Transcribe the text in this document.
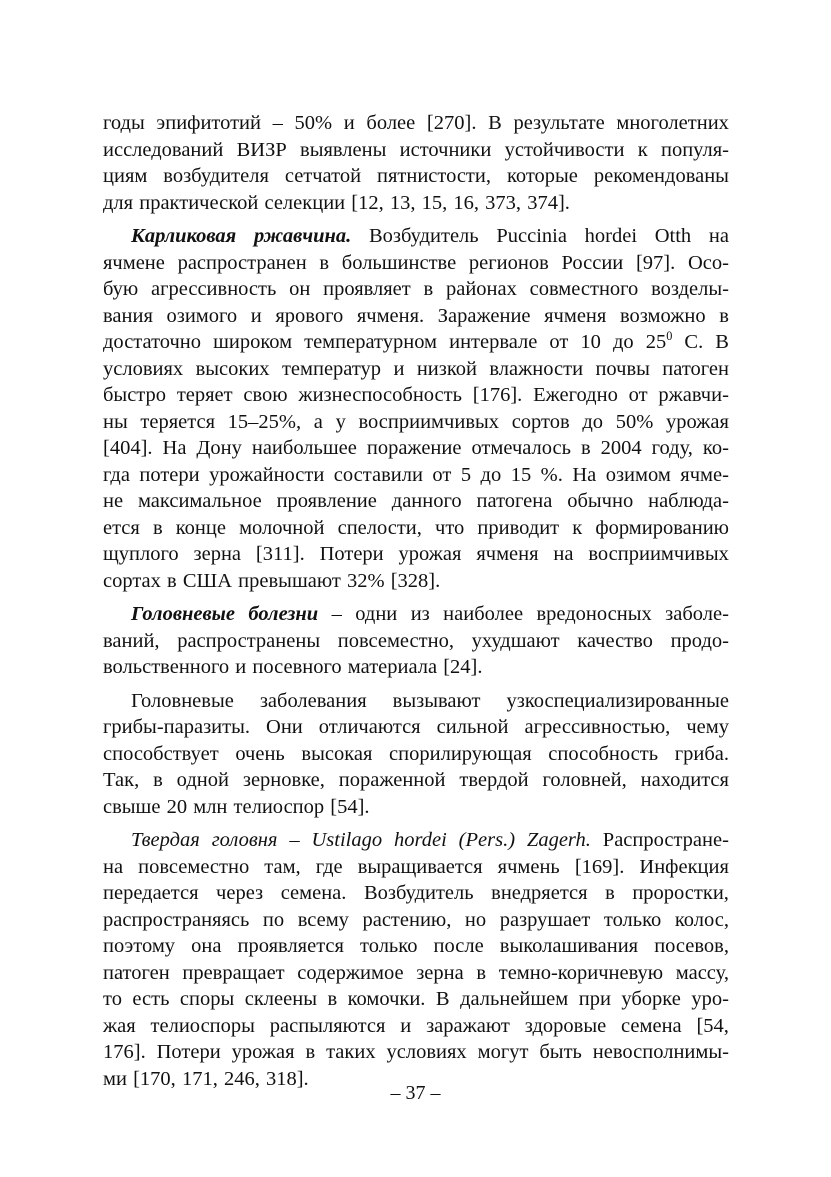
годы эпифитотий – 50% и более [270]. В результате многолетних
исследований ВИЗР выявлены источники устойчивости к популя-
циям возбудителя сетчатой пятнистости, которые рекомендованы
для практической селекции [12, 13, 15, 16, 373, 374].
Карликовая ржавчина. Возбудитель Puccinia hordei Otth на
ячмене распространен в большинстве регионов России [97]. Осо-
бую агрессивность он проявляет в районах совместного возделы-
вания озимого и ярового ячменя. Заражение ячменя возможно в
достаточно широком температурном интервале от 10 до $25^0$ С. В
условиях высоких температур и низкой влажности почвы патоген
быстро теряет свою жизнеспособность [176]. Ежегодно от ржавчи-
ны теряется 15–25%, а у восприимчивых сортов до 50% урожая
[404]. На Дону наибольшее поражение отмечалось в 2004 году, ко-
гда потери урожайности составили от 5 до 15 %. На озимом ячме-
не максимальное проявление данного патогена обычно наблюда-
ется в конце молочной спелости, что приводит к формированию
щуплого зерна [311]. Потери урожая ячменя на восприимчивых
сортах в США превышают 32% [328].
Головневые болезни – одни из наиболее вредоносных заболе-
ваний, распространены повсеместно, ухудшают качество продо-
вольственного и посевного материала [24].
Головневые заболевания вызывают узкоспециализированные
грибы-паразиты. Они отличаются сильной агрессивностью, чему
способствует очень высокая спорилирующая способность гриба.
Так, в одной зерновке, пораженной твердой головней, находится
свыше 20 млн телиоспор [54].
Твердая головня – Ustilago hordei (Pers.) Zagerh. Распростране-
на повсеместно там, где выращивается ячмень [169]. Инфекция
передается через семена. Возбудитель внедряется в проростки,
распространяясь по всему растению, но разрушает только колос,
поэтому она проявляется только после выколашивания посевов,
патоген превращает содержимое зерна в темно-коричневую массу,
то есть споры склеены в комочки. В дальнейшем при уборке уро-
жая телиоспоры распыляются и заражают здоровые семена [54,
176]. Потери урожая в таких условиях могут быть невосполнимы-
ми [170, 171, 246, 318].
– 37 –
